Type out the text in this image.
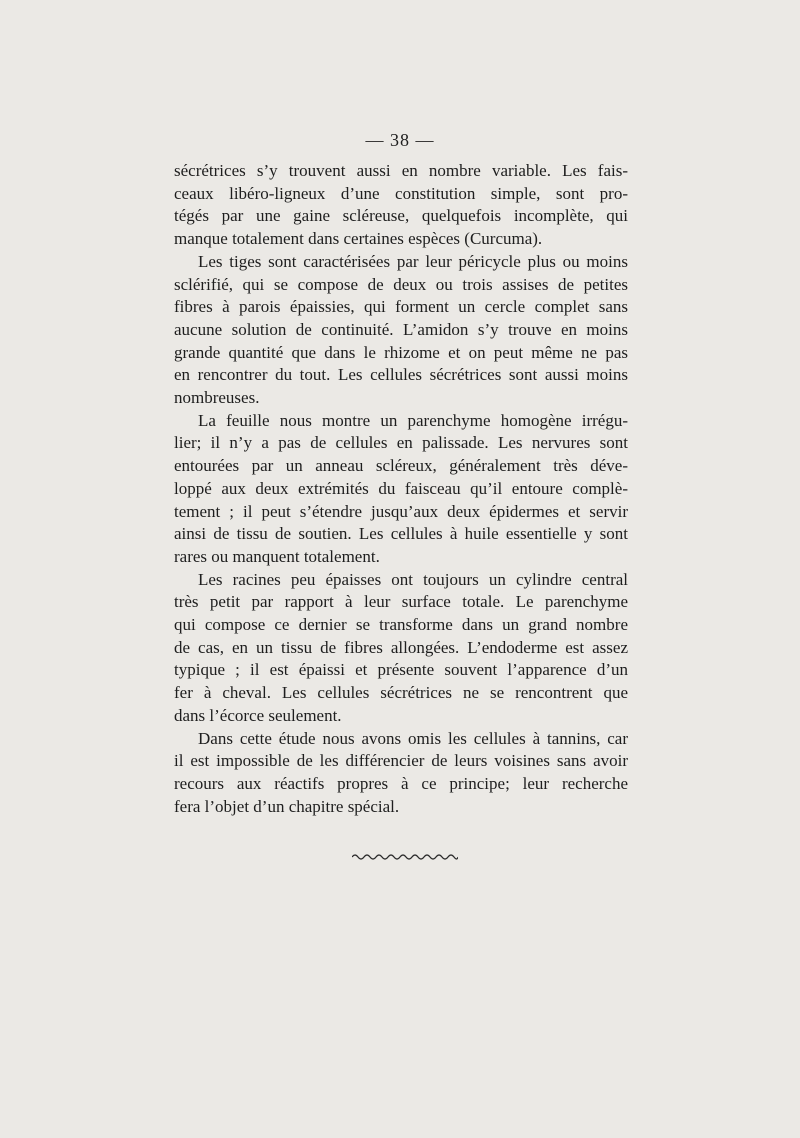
— 38 —
sécrétrices s’y trouvent aussi en nombre variable. Les fais-
ceaux libéro-ligneux d’une constitution simple, sont pro-
tégés par une gaine scléreuse, quelquefois incomplète, qui
manque totalement dans certaines espèces (Curcuma).
Les tiges sont caractérisées par leur péricycle plus ou moins
sclérifié, qui se compose de deux ou trois assises de petites
fibres à parois épaissies, qui forment un cercle complet sans
aucune solution de continuité. L’amidon s’y trouve en moins
grande quantité que dans le rhizome et on peut même ne pas
en rencontrer du tout. Les cellules sécrétrices sont aussi moins
nombreuses.
La feuille nous montre un parenchyme homogène irrégu-
lier; il n’y a pas de cellules en palissade. Les nervures sont
entourées par un anneau scléreux, généralement très déve-
loppé aux deux extrémités du faisceau qu’il entoure complè-
tement ; il peut s’étendre jusqu’aux deux épidermes et servir
ainsi de tissu de soutien. Les cellules à huile essentielle y sont
rares ou manquent totalement.
Les racines peu épaisses ont toujours un cylindre central
très petit par rapport à leur surface totale. Le parenchyme
qui compose ce dernier se transforme dans un grand nombre
de cas, en un tissu de fibres allongées. L’endoderme est assez
typique ; il est épaissi et présente souvent l’apparence d’un
fer à cheval. Les cellules sécrétrices ne se rencontrent que
dans l’écorce seulement.
Dans cette étude nous avons omis les cellules à tannins, car
il est impossible de les différencier de leurs voisines sans avoir
recours aux réactifs propres à ce principe; leur recherche
fera l’objet d’un chapitre spécial.
